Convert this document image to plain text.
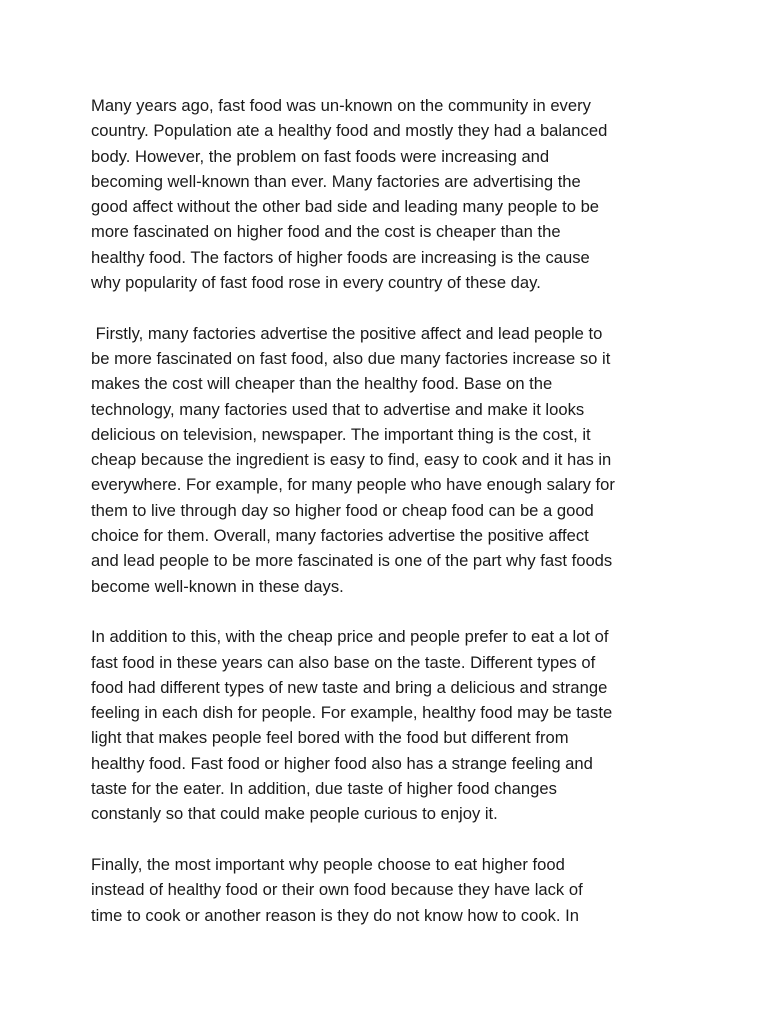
Many years ago, fast food was un-known on the community in every
country. Population ate a healthy food and mostly they had a balanced
body. However, the problem on fast foods were increasing and
becoming well-known than ever. Many factories are advertising the
good affect without the other bad side and leading many people to be
more fascinated on higher food and the cost is cheaper than the
healthy food. The factors of higher foods are increasing is the cause
why popularity of fast food rose in every country of these day.

Firstly, many factories advertise the positive affect and lead people to
be more fascinated on fast food, also due many factories increase so it
makes the cost will cheaper than the healthy food. Base on the
technology, many factories used that to advertise and make it looks
delicious on television, newspaper. The important thing is the cost, it
cheap because the ingredient is easy to find, easy to cook and it has in
everywhere. For example, for many people who have enough salary for
them to live through day so higher food or cheap food can be a good
choice for them. Overall, many factories advertise the positive affect
and lead people to be more fascinated is one of the part why fast foods
become well-known in these days.

In addition to this, with the cheap price and people prefer to eat a lot of
fast food in these years can also base on the taste. Different types of
food had different types of new taste and bring a delicious and strange
feeling in each dish for people. For example, healthy food may be taste
light that makes people feel bored with the food but different from
healthy food. Fast food or higher food also has a strange feeling and
taste for the eater. In addition, due taste of higher food changes
constanly so that could make people curious to enjoy it.

Finally, the most important why people choose to eat higher food
instead of healthy food or their own food because they have lack of
time to cook or another reason is they do not know how to cook. In
